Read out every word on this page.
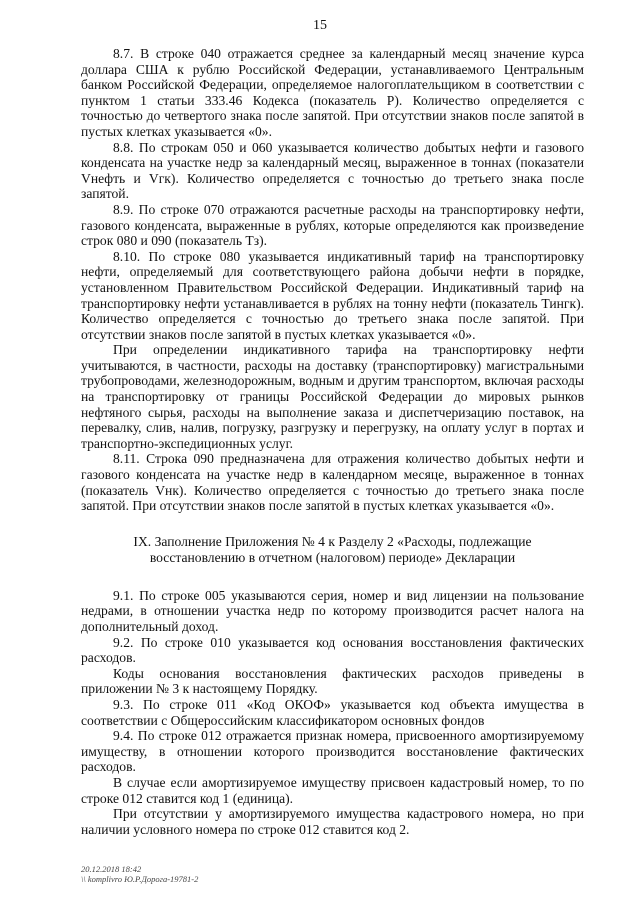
15

8.7. В строке 040 отражается среднее за календарный месяц значение курса доллара США к рублю Российской Федерации, устанавливаемого Центральным банком Российской Федерации, определяемое налогоплательщиком в соответствии с пунктом 1 статьи 333.46 Кодекса (показатель Р). Количество определяется с точностью до четвертого знака после запятой. При отсутствии знаков после запятой в пустых клетках указывается «0».

8.8. По строкам 050 и 060 указывается количество добытых нефти и газового конденсата на участке недр за календарный месяц, выраженное в тоннах (показатели Vнефть и Vгк). Количество определяется с точностью до третьего знака после запятой.

8.9. По строке 070 отражаются расчетные расходы на транспортировку нефти, газового конденсата, выраженные в рублях, которые определяются как произведение строк 080 и 090 (показатель Тз).

8.10. По строке 080 указывается индикативный тариф на транспортировку нефти, определяемый для соответствующего района добычи нефти в порядке, установленном Правительством Российской Федерации. Индикативный тариф на транспортировку нефти устанавливается в рублях на тонну нефти (показатель Тингк). Количество определяется с точностью до третьего знака после запятой. При отсутствии знаков после запятой в пустых клетках указывается «0».

При определении индикативного тарифа на транспортировку нефти учитываются, в частности, расходы на доставку (транспортировку) магистральными трубопроводами, железнодорожным, водным и другим транспортом, включая расходы на транспортировку от границы Российской Федерации до мировых рынков нефтяного сырья, расходы на выполнение заказа и диспетчеризацию поставок, на перевалку, слив, налив, погрузку, разгрузку и перегрузку, на оплату услуг в портах и транспортно-экспедиционных услуг.

8.11. Строка 090 предназначена для отражения количество добытых нефти и газового конденсата на участке недр в календарном месяце, выраженное в тоннах (показатель Vнк). Количество определяется с точностью до третьего знака после запятой. При отсутствии знаков после запятой в пустых клетках указывается «0».

IX. Заполнение Приложения № 4 к Разделу 2 «Расходы, подлежащие
восстановлению в отчетном (налоговом) периоде» Декларации

9.1. По строке 005 указываются серия, номер и вид лицензии на пользование недрами, в отношении участка недр по которому производится расчет налога на дополнительный доход.

9.2. По строке 010 указывается код основания восстановления фактических расходов.

Коды основания восстановления фактических расходов приведены в приложении № 3 к настоящему Порядку.

9.3. По строке 011 «Код ОКОФ» указывается код объекта имущества в соответствии с Общероссийским классификатором основных фондов

9.4. По строке 012 отражается признак номера, присвоенного амортизируемому имуществу, в отношении которого производится восстановление фактических расходов.

В случае если амортизируемое имуществу присвоен кадастровый номер, то по строке 012 ставится код 1 (единица).

При отсутствии у амортизируемого имущества кадастрового номера, но при наличии условного номера по строке 012 ставится код 2.

20.12.2018 18:42
\\ komplivro Ю.Р.Дорога-19781-2
